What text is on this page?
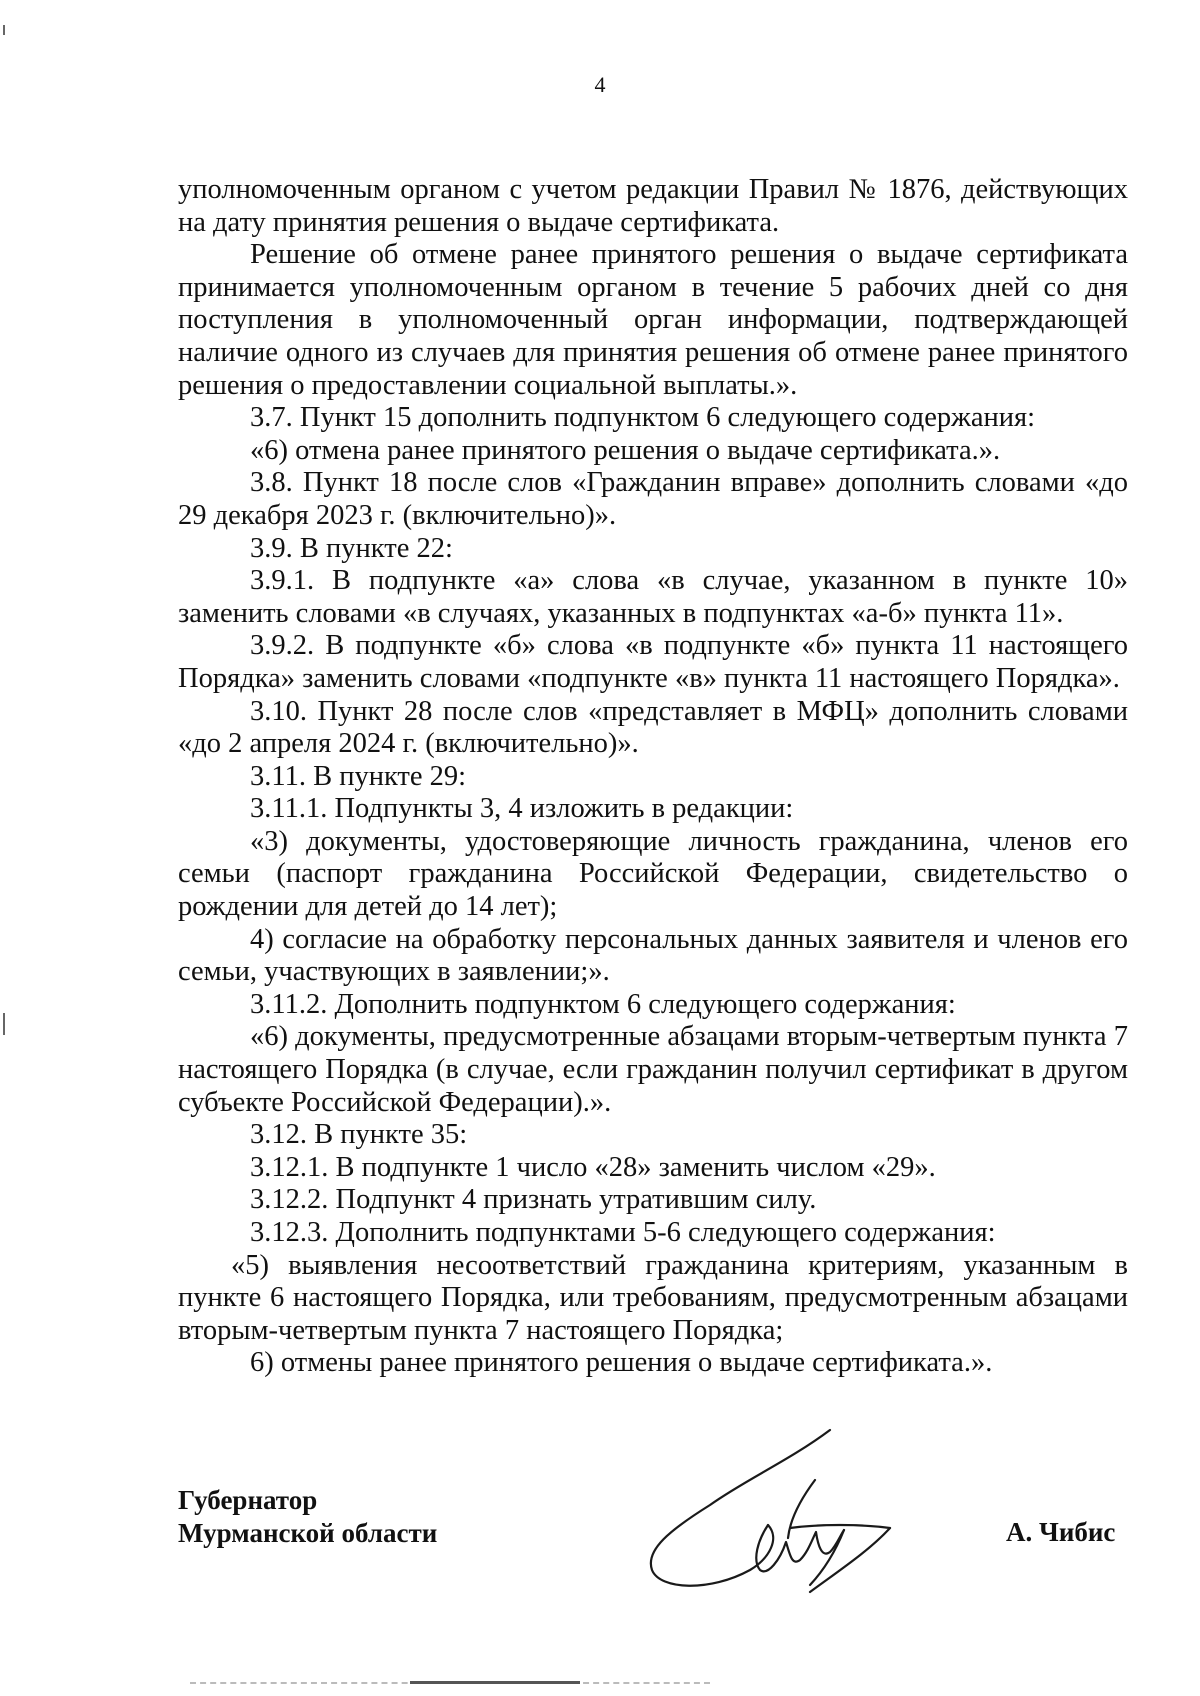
4

уполномоченным органом с учетом редакции Правил № 1876, действующих на дату принятия решения о выдаче сертификата.

Решение об отмене ранее принятого решения о выдаче сертификата принимается уполномоченным органом в течение 5 рабочих дней со дня поступления в уполномоченный орган информации, подтверждающей наличие одного из случаев для принятия решения об отмене ранее принятого решения о предоставлении социальной выплаты.».

3.7. Пункт 15 дополнить подпунктом 6 следующего содержания:

«6) отмена ранее принятого решения о выдаче сертификата.».

3.8. Пункт 18 после слов «Гражданин вправе» дополнить словами «до 29 декабря 2023 г. (включительно)».

3.9. В пункте 22:

3.9.1. В подпункте «а» слова «в случае, указанном в пункте 10» заменить словами «в случаях, указанных в подпунктах «а-б» пункта 11».

3.9.2. В подпункте «б» слова «в подпункте «б» пункта 11 настоящего Порядка» заменить словами «подпункте «в» пункта 11 настоящего Порядка».

3.10. Пункт 28 после слов «представляет в МФЦ» дополнить словами «до 2 апреля 2024 г. (включительно)».

3.11. В пункте 29:

3.11.1. Подпункты 3, 4 изложить в редакции:

«3) документы, удостоверяющие личность гражданина, членов его семьи (паспорт гражданина Российской Федерации, свидетельство о рождении для детей до 14 лет);

4) согласие на обработку персональных данных заявителя и членов его семьи, участвующих в заявлении;».

3.11.2. Дополнить подпунктом 6 следующего содержания:

«6) документы, предусмотренные абзацами вторым-четвертым пункта 7 настоящего Порядка (в случае, если гражданин получил сертификат в другом субъекте Российской Федерации).».

3.12. В пункте 35:

3.12.1. В подпункте 1 число «28» заменить числом «29».

3.12.2. Подпункт 4 признать утратившим силу.

3.12.3. Дополнить подпунктами 5-6 следующего содержания:

«5) выявления несоответствий гражданина критериям, указанным в пункте 6 настоящего Порядка, или требованиям, предусмотренным абзацами вторым-четвертым пункта 7 настоящего Порядка;

6) отмены ранее принятого решения о выдаче сертификата.».

Губернатор
Мурманской области	А. Чибис
